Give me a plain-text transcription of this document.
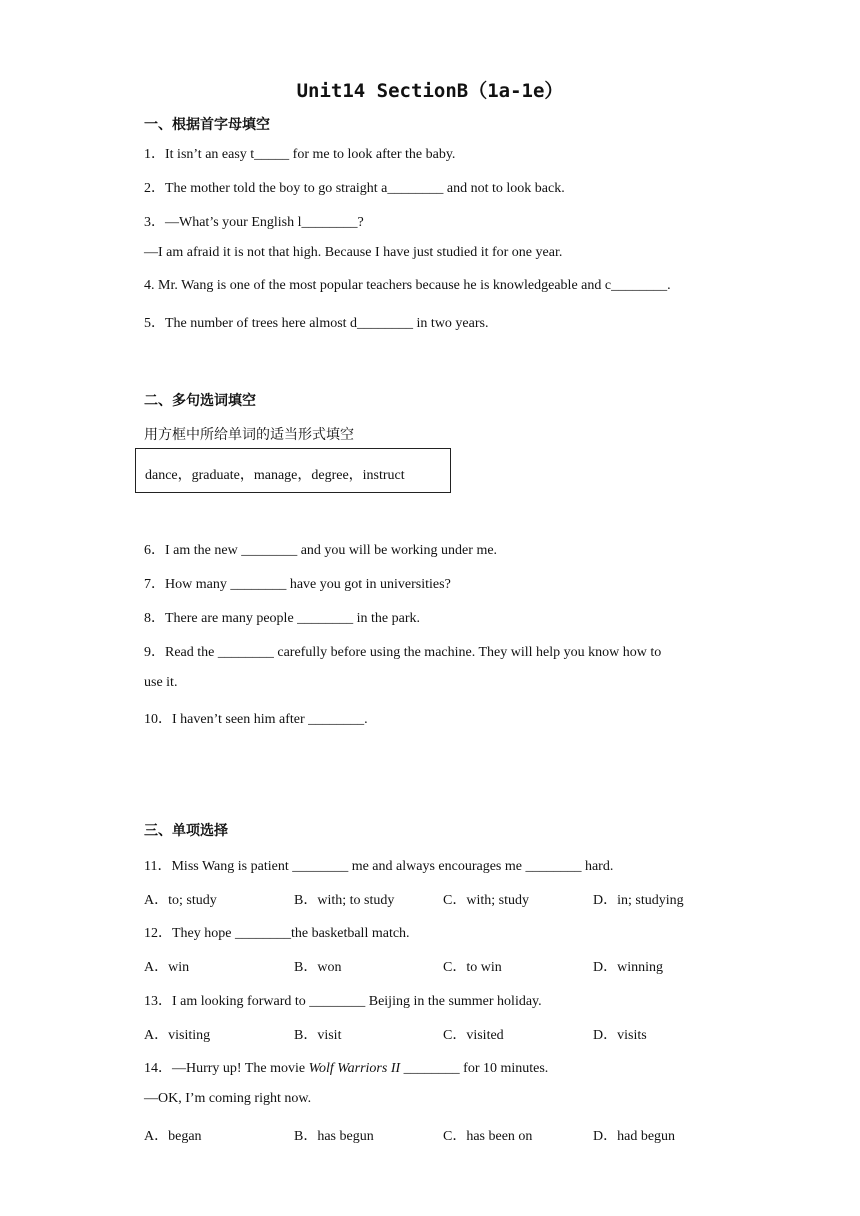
Unit14 SectionB（1a-1e）
一、根据首字母填空
1．It isn’t an easy t_____ for me to look after the baby.
2．The mother told the boy to go straight a________ and not to look back.
3．—What’s your English l________?
—I am afraid it is not that high. Because I have just studied it for one year.
4. Mr. Wang is one of the most popular teachers because he is knowledgeable and c________.
5．The number of trees here almost d________ in two years.
二、多句选词填空
用方框中所给单词的适当形式填空
dance，graduate，manage，degree，instruct
6．I am the new ________ and you will be working under me.
7．How many ________ have you got in universities?
8．There are many people ________ in the park.
9．Read the ________ carefully before using the machine. They will help you know how to
use it.
10．I haven’t seen him after ________.
三、单项选择
11．Miss Wang is patient ________ me and always encourages me ________ hard.
A．to; study	B．with; to study	C．with; study	D．in; studying
12．They hope ________the basketball match.
A．win	B．won	C．to win	D．winning
13．I am looking forward to ________ Beijing in the summer holiday.
A．visiting	B．visit	C．visited	D．visits
14．—Hurry up! The movie Wolf Warriors II ________ for 10 minutes.
—OK, I’m coming right now.
A．began	B．has begun	C．has been on	D．had begun
